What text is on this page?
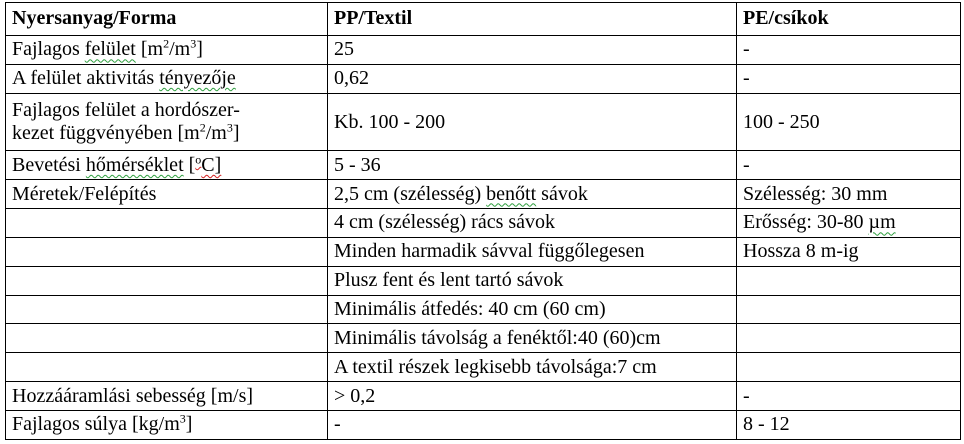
Nyersanyag/Forma	PP/Textil	PE/csíkok
Fajlagos felület $[m^2/m^3]$	25	-
A felület aktivitás tényezője	0,62	-
Fajlagos felület a hordószer-
kezet függvényében $[m^2/m^3]$	Kb. 100 - 200	100 - 250
Bevetési hőmérséklet [$^o$C]	5 - 36	-
Méretek/Felépítés	2,5 cm (szélesség) benőtt sávok	Szélesség: 30 mm
	4 cm (szélesség) rács sávok	Erősség: 30-80 µm
	Minden harmadik sávval függőlegesen	Hossza 8 m-ig
	Plusz fent és lent tartó sávok	
	Minimális átfedés: 40 cm (60 cm)	
	Minimális távolság a fenéktől:40 (60)cm	
	A textil részek legkisebb távolsága:7 cm	
Hozzááramlási sebesség [m/s]	> 0,2	-
Fajlagos súlya $[kg/m^3]$	-	8 - 12
